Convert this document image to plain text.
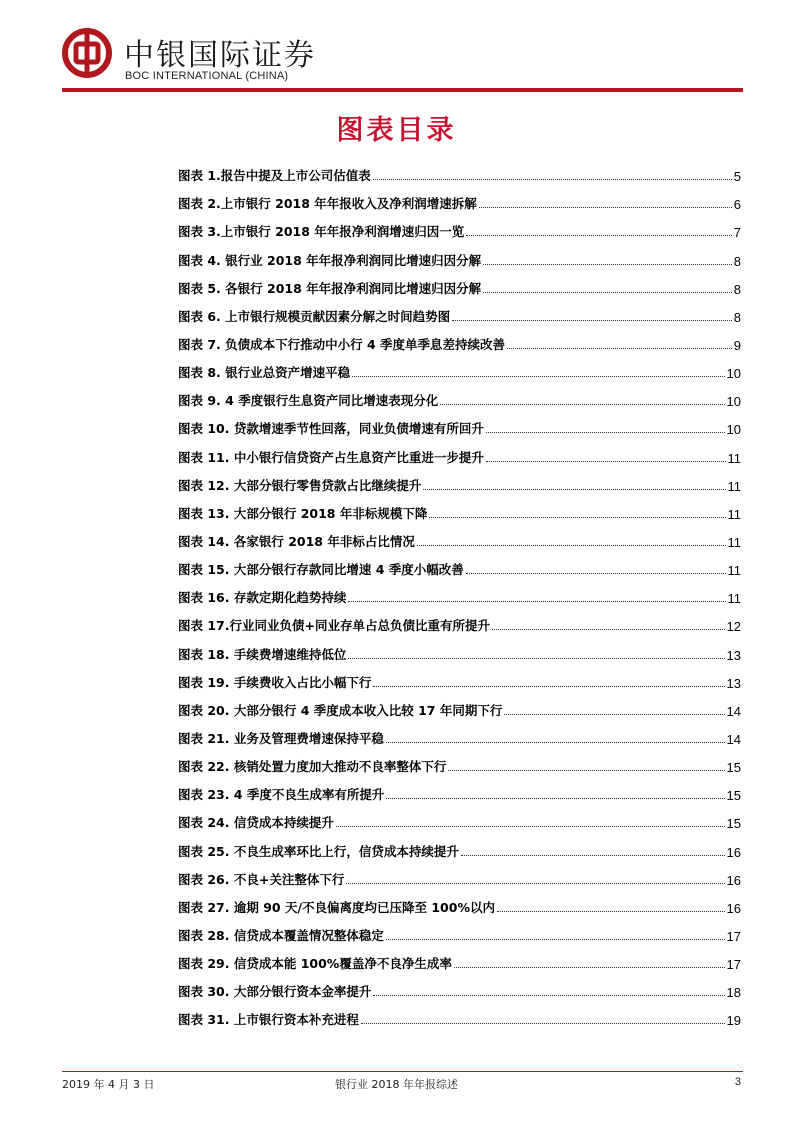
中银国际证券
BOC INTERNATIONAL (CHINA)
图表目录
图表 1.报告中提及上市公司估值表	5
图表 2.上市银行 2018 年年报收入及净利润增速拆解	6
图表 3.上市银行 2018 年年报净利润增速归因一览	7
图表 4. 银行业 2018 年年报净利润同比增速归因分解	8
图表 5. 各银行 2018 年年报净利润同比增速归因分解	8
图表 6. 上市银行规模贡献因素分解之时间趋势图	8
图表 7. 负债成本下行推动中小行 4 季度单季息差持续改善	9
图表 8. 银行业总资产增速平稳	10
图表 9. 4 季度银行生息资产同比增速表现分化	10
图表 10. 贷款增速季节性回落，同业负债增速有所回升	10
图表 11. 中小银行信贷资产占生息资产比重进一步提升	11
图表 12. 大部分银行零售贷款占比继续提升	11
图表 13. 大部分银行 2018 年非标规模下降	11
图表 14. 各家银行 2018 年非标占比情况	11
图表 15. 大部分银行存款同比增速 4 季度小幅改善	11
图表 16. 存款定期化趋势持续	11
图表 17.行业同业负债+同业存单占总负债比重有所提升	12
图表 18. 手续费增速维持低位	13
图表 19. 手续费收入占比小幅下行	13
图表 20. 大部分银行 4 季度成本收入比较 17 年同期下行	14
图表 21. 业务及管理费增速保持平稳	14
图表 22. 核销处置力度加大推动不良率整体下行	15
图表 23. 4 季度不良生成率有所提升	15
图表 24. 信贷成本持续提升	15
图表 25. 不良生成率环比上行，信贷成本持续提升	16
图表 26. 不良+关注整体下行	16
图表 27. 逾期 90 天/不良偏离度均已压降至 100%以内	16
图表 28. 信贷成本覆盖情况整体稳定	17
图表 29. 信贷成本能 100%覆盖净不良净生成率	17
图表 30. 大部分银行资本金率提升	18
图表 31. 上市银行资本补充进程	19
2019 年 4 月 3 日	银行业 2018 年年报综述	3
